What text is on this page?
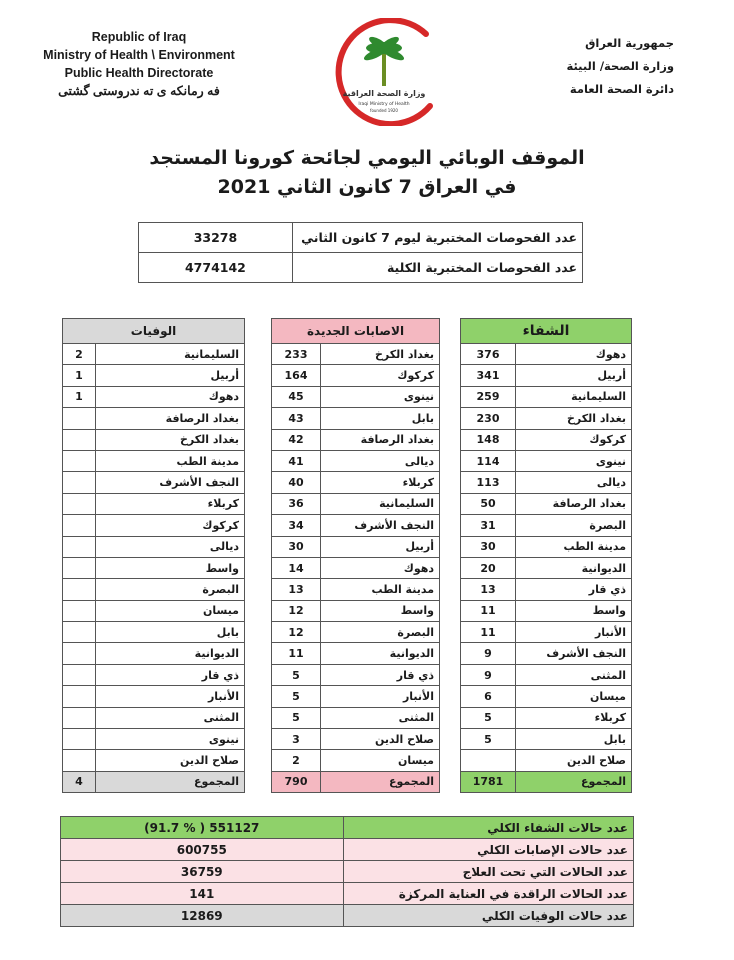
Republic of Iraq
Ministry of Health \ Environment
Public Health Directorate
فه رمانكه ى ته ندروستى گشتى	وزارة الصحة العراقية
Iraqi Ministry of Health
founded 1920
جمهورية العراق
وزارة الصحة/ البيئة
دائرة الصحة العامة
الموقف الوبائي اليومي لجائحة كورونا المستجد
في العراق 7 كانون الثاني 2021
33278	عدد الفحوصات المختبرية ليوم 7 كانون الثاني
4774142	عدد الفحوصات المختبرية الكلية
الوفيات	
2	السليمانية
1	أربيل
1	دهوك
	بغداد الرصافة
	بغداد الكرخ
	مدينة الطب
	النجف الأشرف
	كربلاء
	كركوك
	ديالى
	واسط
	البصرة
	ميسان
	بابل
	الديوانية
	ذي قار
	الأنبار
	المثنى
	نينوى
	صلاح الدين
4	المجموع
الاصابات الجديدة	
233	بغداد الكرخ
164	كركوك
45	نينوى
43	بابل
42	بغداد الرصافة
41	ديالى
40	كربلاء
36	السليمانية
34	النجف الأشرف
30	أربيل
14	دهوك
13	مدينة الطب
12	واسط
12	البصرة
11	الديوانية
5	ذي قار
5	الأنبار
5	المثنى
3	صلاح الدين
2	ميسان
790	المجموع
الشفاء	
376	دهوك
341	أربيل
259	السليمانية
230	بغداد الكرخ
148	كركوك
114	نينوى
113	ديالى
50	بغداد الرصافة
31	البصرة
30	مدينة الطب
20	الديوانية
13	ذي قار
11	واسط
11	الأنبار
9	النجف الأشرف
9	المثنى
6	ميسان
5	كربلاء
5	بابل
	صلاح الدين
1781	المجموع
(91.7 % ) 551127	عدد حالات الشفاء الكلي
600755	عدد حالات الإصابات الكلي
36759	عدد الحالات التي تحت العلاج
141	عدد الحالات الراقدة في العناية المركزة
12869	عدد حالات الوفيات الكلي
